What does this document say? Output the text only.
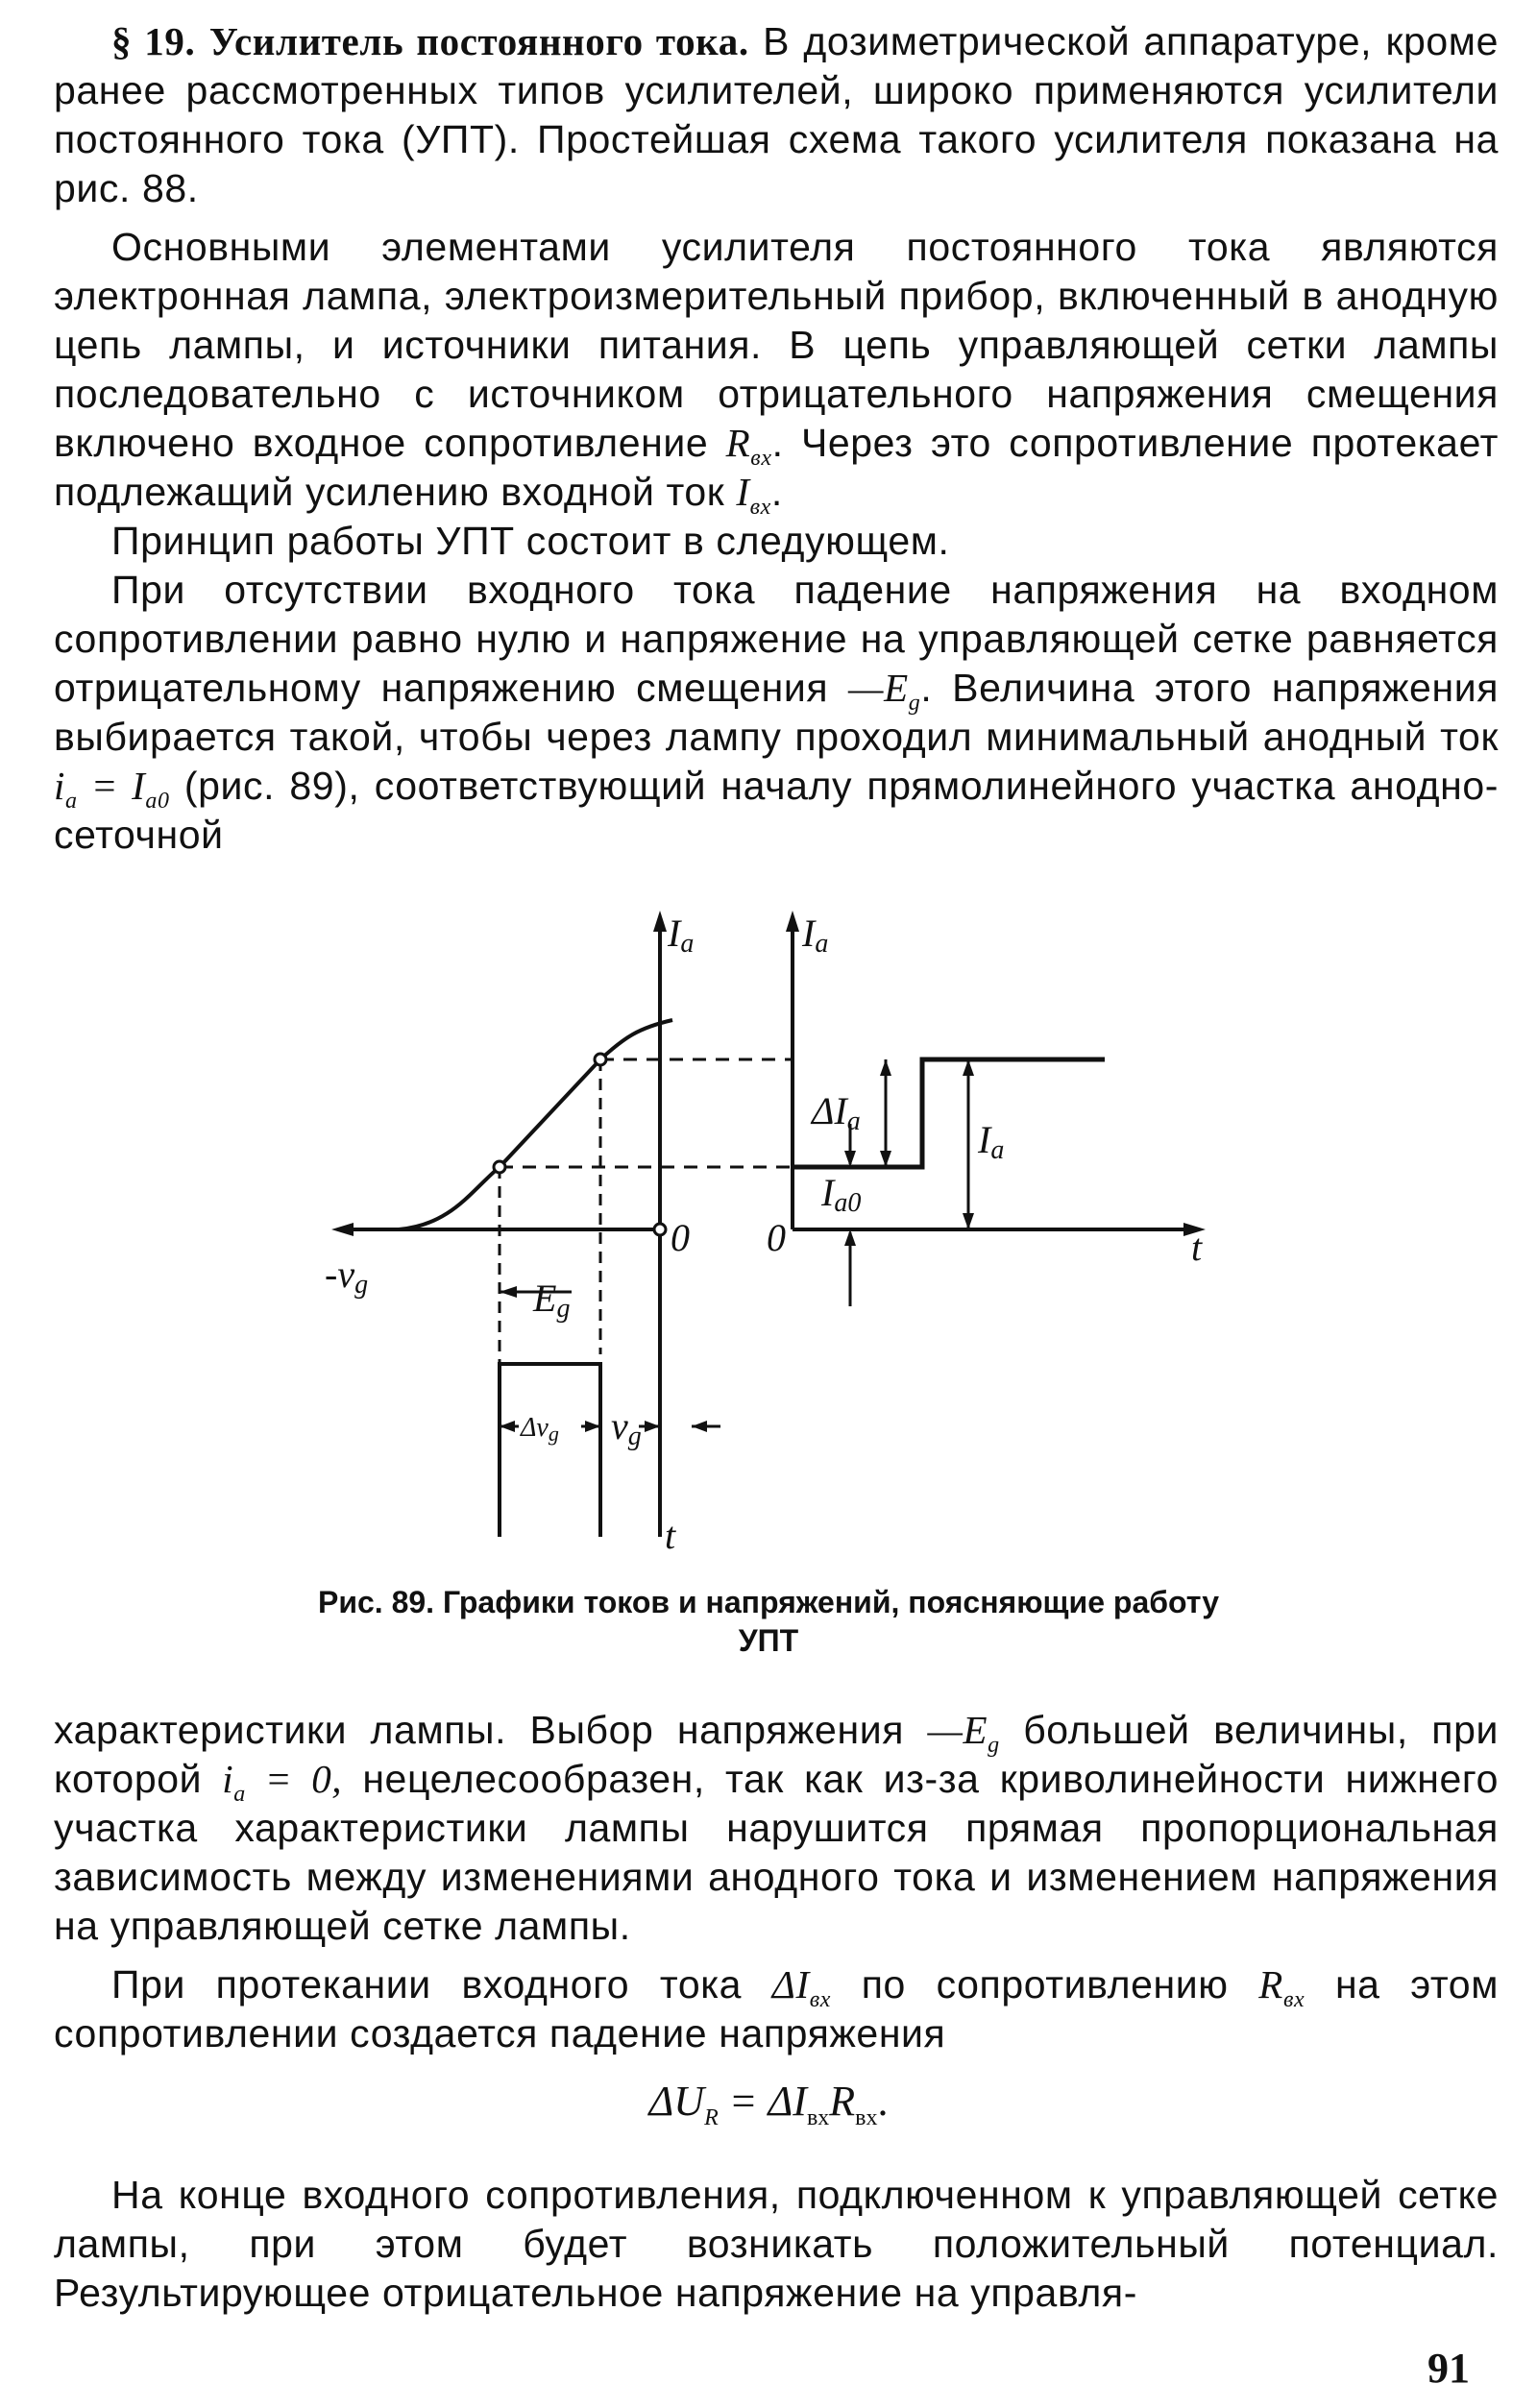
§ 19. Усилитель постоянного тока. В дозиметрической аппаратуре, кроме ранее рассмотренных типов усилителей, широко применяются усилители постоянного тока (УПТ). Простейшая схема такого усилителя показана на рис. 88.

Основными элементами усилителя постоянного тока являются электронная лампа, электроизмерительный прибор, включенный в анодную цепь лампы, и источники питания. В цепь управляющей сетки лампы последовательно с источником отрицательного напряжения смещения включено входное сопротивление $R_{вх}$. Через это сопротивление протекает подлежащий усилению входной ток $I_{вх}$.

Принцип работы УПТ состоит в следующем.

При отсутствии входного тока падение напряжения на входном сопротивлении равно нулю и напряжение на управляющей сетке равняется отрицательному напряжению смещения $—E_g$. Величина этого напряжения выбирается такой, чтобы через лампу проходил минимальный анодный ток $i_a = I_{a0}$ (рис. 89), соответствующий началу прямолинейного участка анодно-сеточной

Ia	Ia
ΔIa	Ia
Ia0
0 0	t
t
-vg	Eg
Δvg vg
Рис. 89. Графики токов и напряжений, поясняющие работу УПТ

характеристики лампы. Выбор напряжения $—E_g$ большей величины, при которой $i_a = 0$, нецелесообразен, так как из-за криволинейности нижнего участка характеристики лампы нарушится прямая пропорциональная зависимость между изменениями анодного тока и изменением напряжения на управляющей сетке лампы.

При протекании входного тока $\Delta I_{вх}$ по сопротивлению $R_{вх}$ на этом сопротивлении создается падение напряжения

$\Delta U_R = \Delta I_{вх}R_{вх}$.

На конце входного сопротивления, подключенном к управляющей сетке лампы, при этом будет возникать положительный потенциал. Результирующее отрицательное напряжение на управля-

91
